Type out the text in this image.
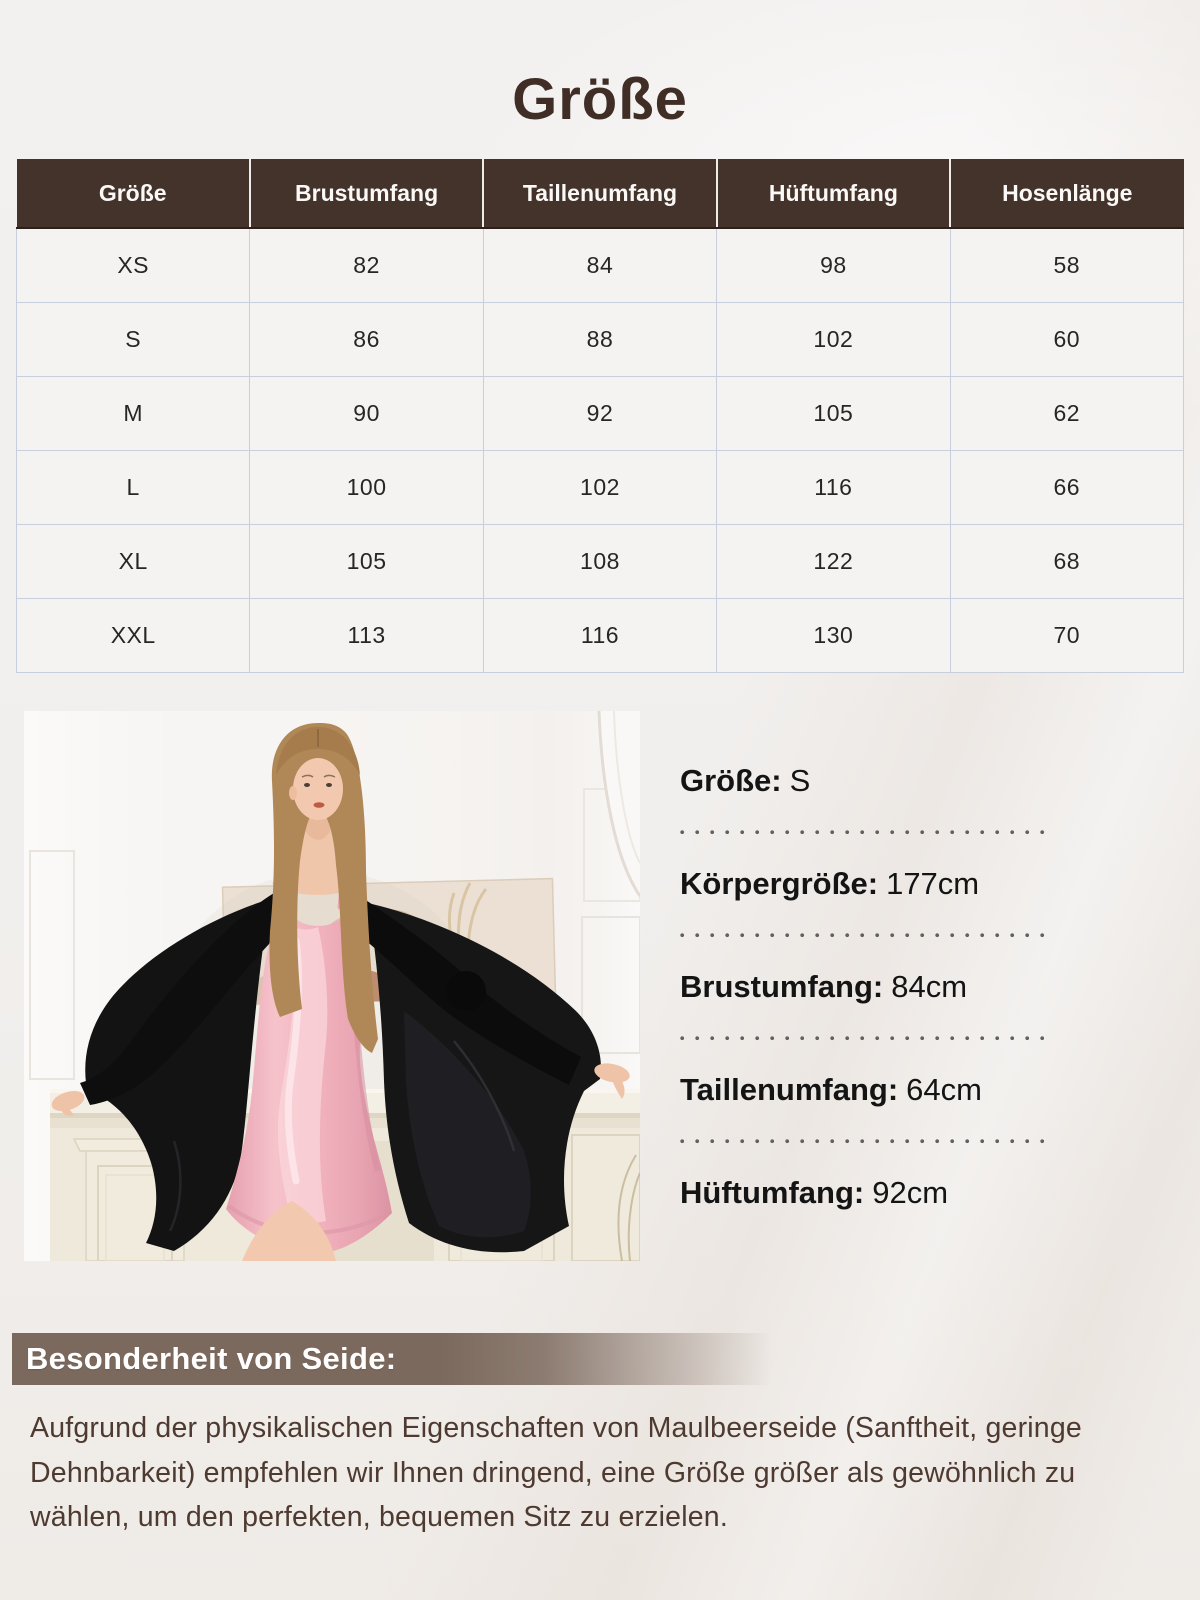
Größe
Größe	Brustumfang	Taillenumfang	Hüftumfang	Hosenlänge
XS	82	84	98	58
S	86	88	102	60
M	90	92	105	62
L	100	102	116	66
XL	105	108	122	68
XXL	113	116	130	70
Größe: S
Körpergröße: 177cm
Brustumfang: 84cm
Taillenumfang: 64cm
Hüftumfang: 92cm
Besonderheit von Seide:
Aufgrund der physikalischen Eigenschaften von Maulbeerseide (Sanftheit, geringe Dehnbarkeit) empfehlen wir Ihnen dringend, eine Größe größer als gewöhnlich zu wählen, um den perfekten, bequemen Sitz zu erzielen.
